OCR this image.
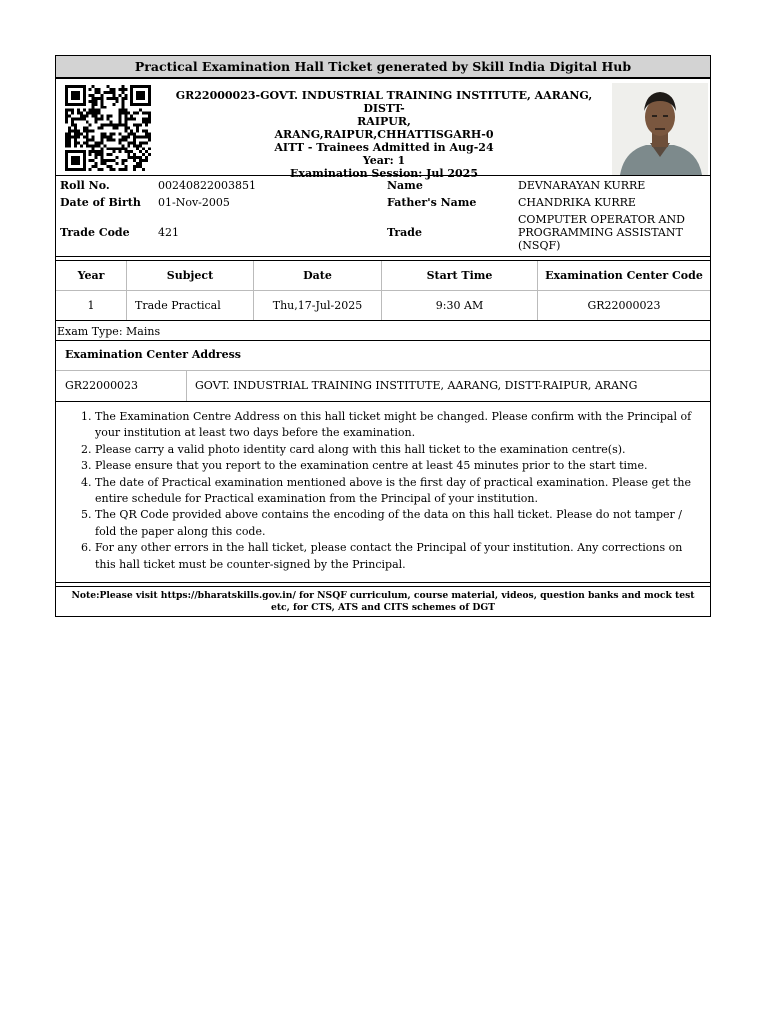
Practical Examination Hall Ticket generated by Skill India Digital Hub
GR22000023-GOVT. INDUSTRIAL TRAINING INSTITUTE, AARANG, DISTT-
RAIPUR,
ARANG,RAIPUR,CHHATTISGARH-0
AITT - Trainees Admitted in Aug-24
Year: 1
Examination Session: Jul 2025
Roll No.	00240822003851	Name	DEVNARAYAN KURRE
Date of Birth 01-Nov-2005	Father's Name	CHANDRIKA KURRE
Trade Code	421	Trade
COMPUTER OPERATOR AND PROGRAMMING ASSISTANT (NSQF)
Year	Subject	Date	Start Time	Examination Center Code
1	Trade Practical	Thu,17-Jul-2025	9:30 AM	GR22000023
Exam Type: Mains
Examination Center Address
GR22000023	GOVT. INDUSTRIAL TRAINING INSTITUTE, AARANG, DISTT-RAIPUR, ARANG
1. The Examination Centre Address on this hall ticket might be changed. Please confirm with the Principal of your institution at least two days before the examination.
2. Please carry a valid photo identity card along with this hall ticket to the examination centre(s).
3. Please ensure that you report to the examination centre at least 45 minutes prior to the start time.
4. The date of Practical examination mentioned above is the first day of practical examination. Please get the entire schedule for Practical examination from the Principal of your institution.
5. The QR Code provided above contains the encoding of the data on this hall ticket. Please do not tamper / fold the paper along this code.
6. For any other errors in the hall ticket, please contact the Principal of your institution. Any corrections on this hall ticket must be counter-signed by the Principal.
Note:Please visit https://bharatskills.gov.in/ for NSQF curriculum, course material, videos, question banks and mock test etc, for CTS, ATS and CITS schemes of DGT
